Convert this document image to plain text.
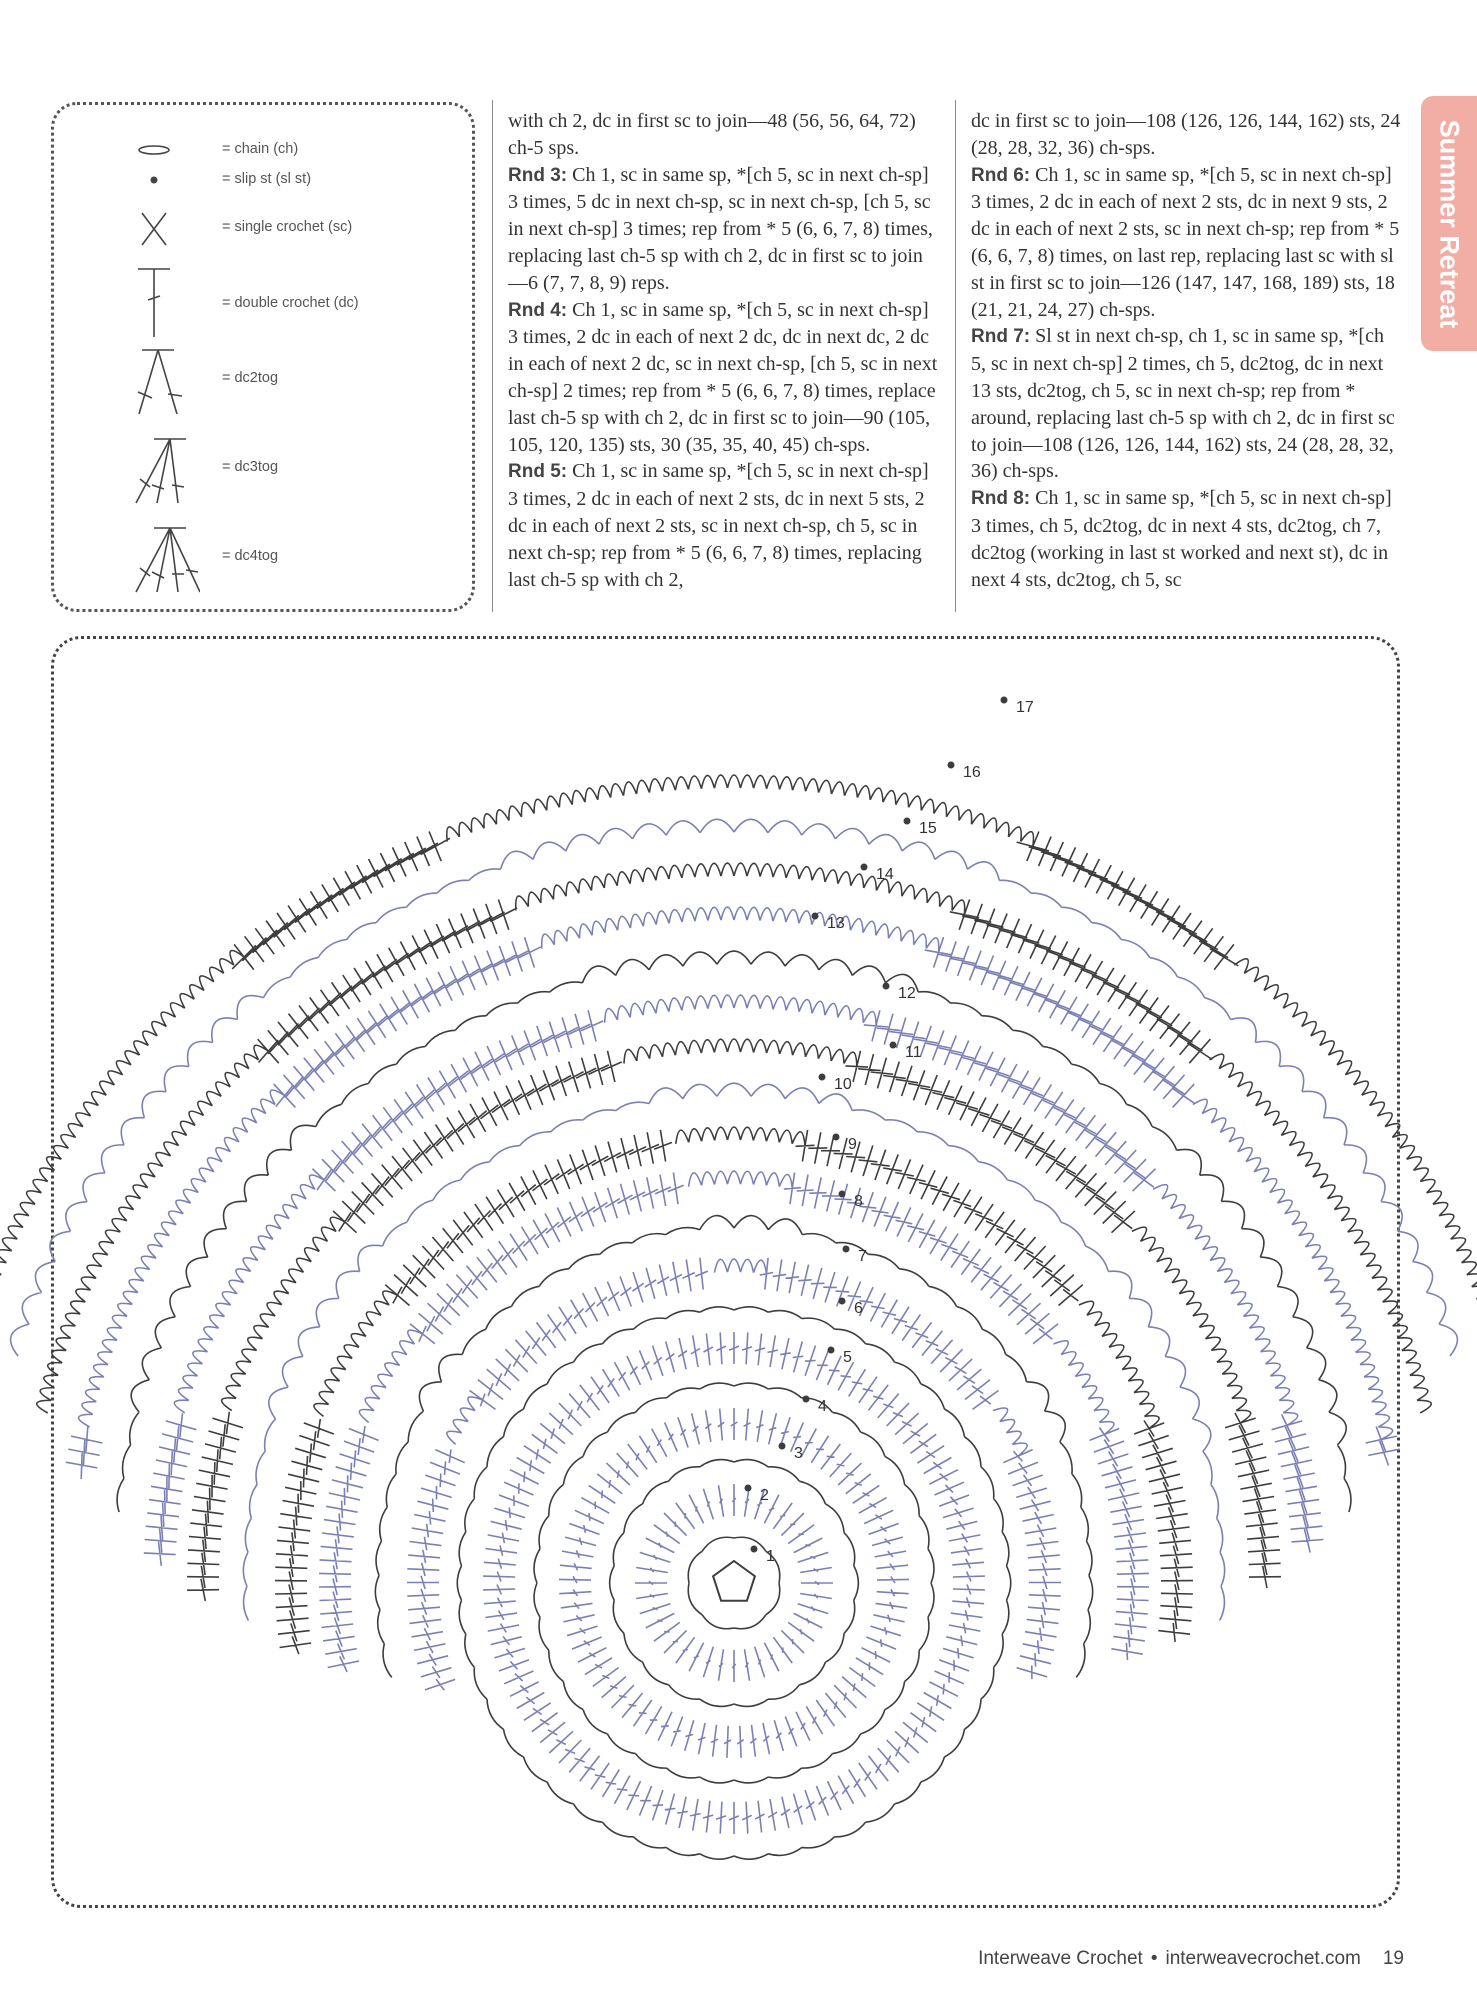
= chain (ch)
= slip st (sl st)
= single crochet (sc)
= double crochet (dc)
= dc2tog
= dc3tog
= dc4tog

with ch 2, dc in first sc to join—48 (56, 56, 64, 72) ch-5 sps.

Rnd 3: Ch 1, sc in same sp, *[ch 5, sc in next ch-sp] 3 times, 5 dc in next ch-sp, sc in next ch-sp, [ch 5, sc in next ch-sp] 3 times; rep from * 5 (6, 6, 7, 8) times, replacing last ch-5 sp with ch 2, dc in first sc to join—6 (7, 7, 8, 9) reps.

Rnd 4: Ch 1, sc in same sp, *[ch 5, sc in next ch-sp] 3 times, 2 dc in each of next 2 dc, dc in next dc, 2 dc in each of next 2 dc, sc in next ch-sp, [ch 5, sc in next ch-sp] 2 times; rep from * 5 (6, 6, 7, 8) times, replace last ch-5 sp with ch 2, dc in first sc to join—90 (105, 105, 120, 135) sts, 30 (35, 35, 40, 45) ch-sps.

Rnd 5: Ch 1, sc in same sp, *[ch 5, sc in next ch-sp] 3 times, 2 dc in each of next 2 sts, dc in next 5 sts, 2 dc in each of next 2 sts, sc in next ch-sp, ch 5, sc in next ch-sp; rep from * 5 (6, 6, 7, 8) times, replacing last ch-5 sp with ch 2,

dc in first sc to join—108 (126, 126, 144, 162) sts, 24 (28, 28, 32, 36) ch-sps.

Rnd 6: Ch 1, sc in same sp, *[ch 5, sc in next ch-sp] 3 times, 2 dc in each of next 2 sts, dc in next 9 sts, 2 dc in each of next 2 sts, sc in next ch-sp; rep from * 5 (6, 6, 7, 8) times, on last rep, replacing last sc with sl st in first sc to join—126 (147, 147, 168, 189) sts, 18 (21, 21, 24, 27) ch-sps.

Rnd 7: Sl st in next ch-sp, ch 1, sc in same sp, *[ch 5, sc in next ch-sp] 2 times, ch 5, dc2tog, dc in next 13 sts, dc2tog, ch 5, sc in next ch-sp; rep from * around, replacing last ch-5 sp with ch 2, dc in first sc to join—108 (126, 126, 144, 162) sts, 24 (28, 28, 32, 36) ch-sps.

Rnd 8: Ch 1, sc in same sp, *[ch 5, sc in next ch-sp] 3 times, ch 5, dc2tog, dc in next 4 sts, dc2tog, ch 7, dc2tog (working in last st worked and next st), dc in next 4 sts, dc2tog, ch 5, sc

Summer Retreat
1
2
3
4
5
6
7
8
9
10
11
12
13
14
15
16
17
Interweave Crochet • interweavecrochet.com 19
